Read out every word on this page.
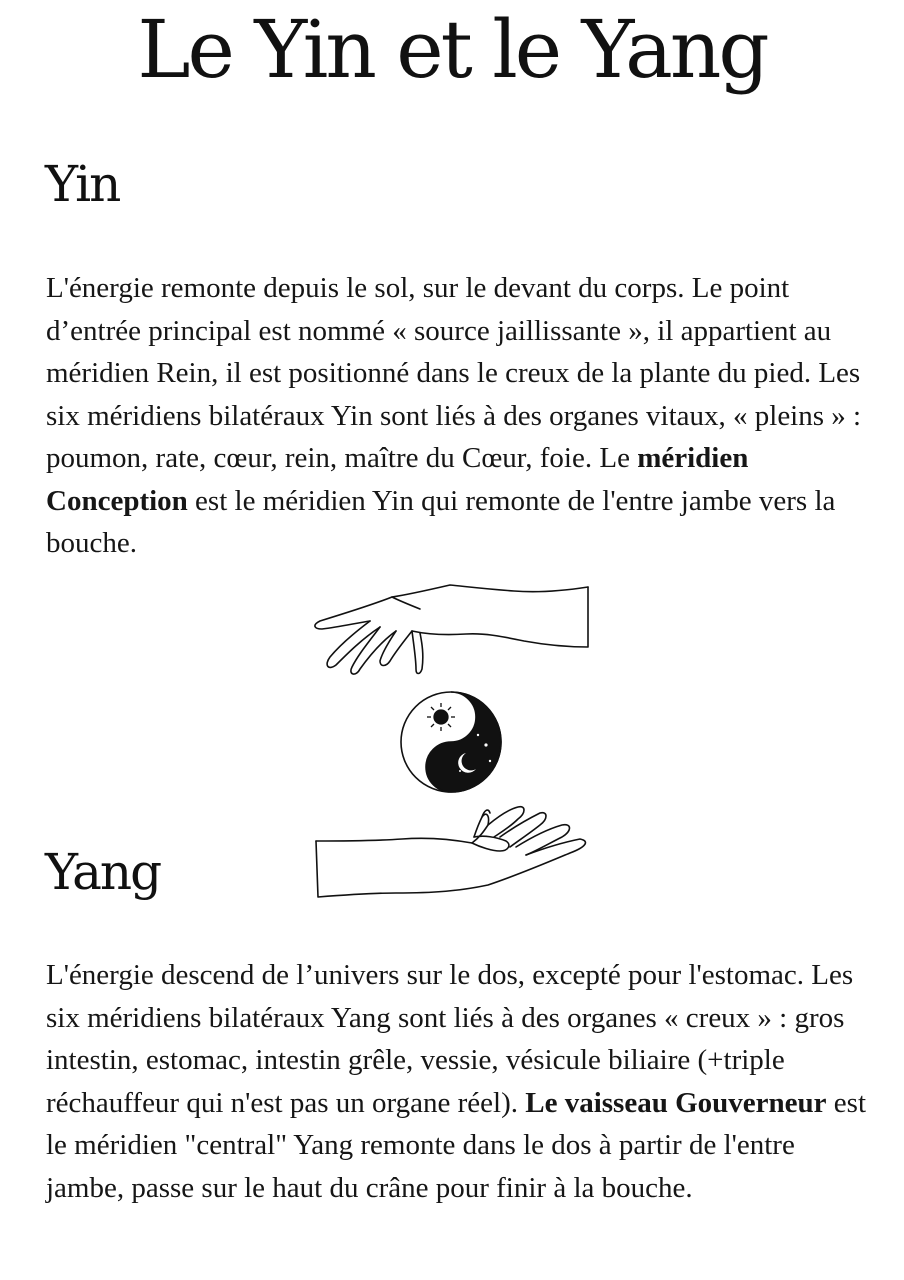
Le Yin et le Yang
Yin

L'énergie remonte depuis le sol, sur le devant du corps. Le point d’entrée principal est nommé « source jaillissante », il appartient au méridien Rein, il est positionné dans le creux de la plante du pied. Les six méridiens bilatéraux Yin sont liés à des organes vitaux, « pleins » : poumon, rate, cœur, rein, maître du Cœur, foie. Le méridien Conception est le méridien Yin qui remonte de l'entre jambe vers la bouche.

Yang

L'énergie descend de l’univers sur le dos, excepté pour l'estomac. Les six méridiens bilatéraux Yang sont liés à des organes « creux » : gros intestin, estomac, intestin grêle, vessie, vésicule biliaire (+triple réchauffeur qui n'est pas un organe réel). Le vaisseau Gouverneur est le méridien "central" Yang remonte dans le dos à partir de l'entre jambe, passe sur le haut du crâne pour finir à la bouche.
